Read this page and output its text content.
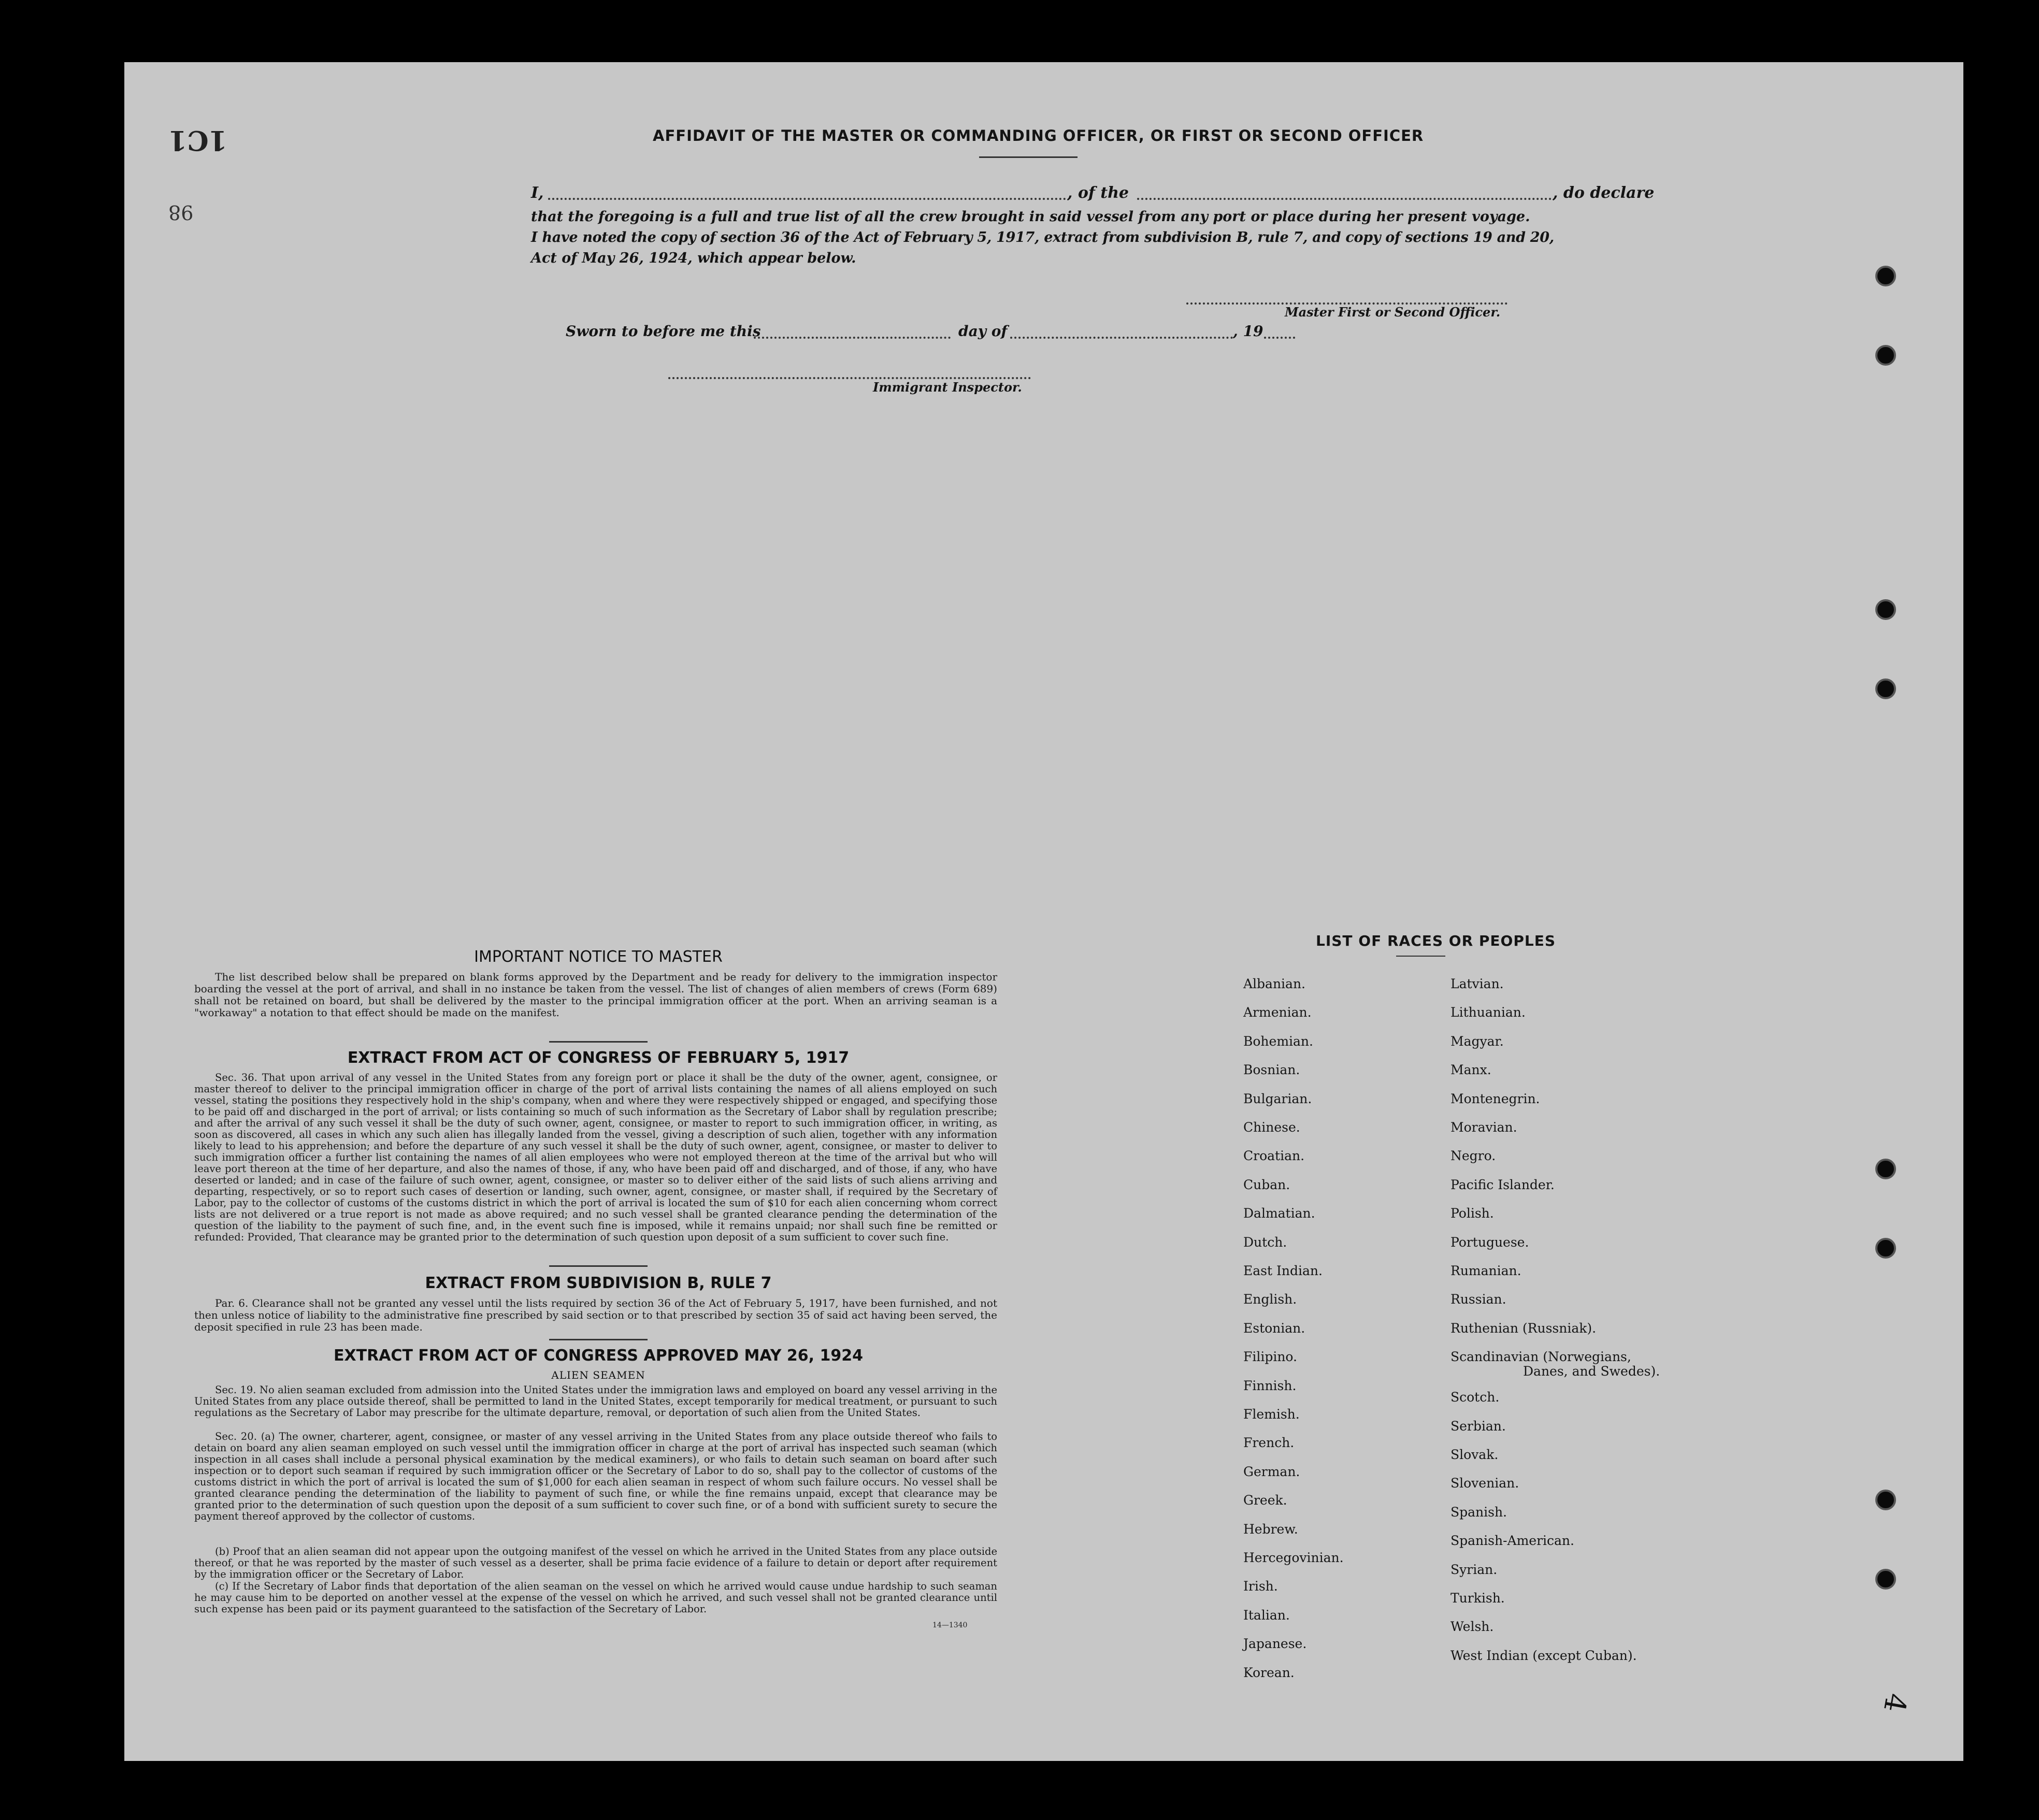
1C1
98
AFFIDAVIT OF THE MASTER OR COMMANDING OFFICER, OR FIRST OR SECOND OFFICER
I,	, of the	, do declare
that the foregoing is a full and true list of all the crew brought in said vessel from any port or place during her present voyage.
I have noted the copy of section 36 of the Act of February 5, 1917, extract from subdivision B, rule 7, and copy of sections 19 and 20,
Act of May 26, 1924, which appear below.
Master First or Second Officer.
Sworn to before me this	day of	, 19
Immigrant Inspector.
IMPORTANT NOTICE TO MASTER
The list described below shall be prepared on blank forms approved by the Department and be ready for delivery to the immigration inspector boarding the vessel at the port of arrival, and shall in no instance be taken from the vessel. The list of changes of alien members of crews (Form 689) shall not be retained on board, but shall be delivered by the master to the principal immigration officer at the port. When an arriving seaman is a "workaway" a notation to that effect should be made on the manifest.
EXTRACT FROM ACT OF CONGRESS OF FEBRUARY 5, 1917
Sec. 36. That upon arrival of any vessel in the United States from any foreign port or place it shall be the duty of the owner, agent, consignee, or master thereof to deliver to the principal immigration officer in charge of the port of arrival lists containing the names of all aliens employed on such vessel, stating the positions they respectively hold in the ship's company, when and where they were respectively shipped or engaged, and specifying those to be paid off and discharged in the port of arrival; or lists containing so much of such information as the Secretary of Labor shall by regulation prescribe; and after the arrival of any such vessel it shall be the duty of such owner, agent, consignee, or master to report to such immigration officer, in writing, as soon as discovered, all cases in which any such alien has illegally landed from the vessel, giving a description of such alien, together with any information likely to lead to his apprehension; and before the departure of any such vessel it shall be the duty of such owner, agent, consignee, or master to deliver to such immigration officer a further list containing the names of all alien employees who were not employed thereon at the time of the arrival but who will leave port thereon at the time of her departure, and also the names of those, if any, who have been paid off and discharged, and of those, if any, who have deserted or landed; and in case of the failure of such owner, agent, consignee, or master so to deliver either of the said lists of such aliens arriving and departing, respectively, or so to report such cases of desertion or landing, such owner, agent, consignee, or master shall, if required by the Secretary of Labor, pay to the collector of customs of the customs district in which the port of arrival is located the sum of $10 for each alien concerning whom correct lists are not delivered or a true report is not made as above required; and no such vessel shall be granted clearance pending the determination of the question of the liability to the payment of such fine, and, in the event such fine is imposed, while it remains unpaid; nor shall such fine be remitted or refunded: Provided, That clearance may be granted prior to the determination of such question upon deposit of a sum sufficient to cover such fine.
EXTRACT FROM SUBDIVISION B, RULE 7
Par. 6. Clearance shall not be granted any vessel until the lists required by section 36 of the Act of February 5, 1917, have been furnished, and not then unless notice of liability to the administrative fine prescribed by said section or to that prescribed by section 35 of said act having been served, the deposit specified in rule 23 has been made.
EXTRACT FROM ACT OF CONGRESS APPROVED MAY 26, 1924
ALIEN SEAMEN
Sec. 19. No alien seaman excluded from admission into the United States under the immigration laws and employed on board any vessel arriving in the United States from any place outside thereof, shall be permitted to land in the United States, except temporarily for medical treatment, or pursuant to such regulations as the Secretary of Labor may prescribe for the ultimate departure, removal, or deportation of such alien from the United States.
Sec. 20. (a) The owner, charterer, agent, consignee, or master of any vessel arriving in the United States from any place outside thereof who fails to detain on board any alien seaman employed on such vessel until the immigration officer in charge at the port of arrival has inspected such seaman (which inspection in all cases shall include a personal physical examination by the medical examiners), or who fails to detain such seaman on board after such inspection or to deport such seaman if required by such immigration officer or the Secretary of Labor to do so, shall pay to the collector of customs of the customs district in which the port of arrival is located the sum of $1,000 for each alien seaman in respect of whom such failure occurs. No vessel shall be granted clearance pending the determination of the liability to payment of such fine, or while the fine remains unpaid, except that clearance may be granted prior to the determination of such question upon the deposit of a sum sufficient to cover such fine, or of a bond with sufficient surety to secure the payment thereof approved by the collector of customs.
(b) Proof that an alien seaman did not appear upon the outgoing manifest of the vessel on which he arrived in the United States from any place outside thereof, or that he was reported by the master of such vessel as a deserter, shall be prima facie evidence of a failure to detain or deport after requirement by the immigration officer or the Secretary of Labor.
(c) If the Secretary of Labor finds that deportation of the alien seaman on the vessel on which he arrived would cause undue hardship to such seaman he may cause him to be deported on another vessel at the expense of the vessel on which he arrived, and such vessel shall not be granted clearance until such expense has been paid or its payment guaranteed to the satisfaction of the Secretary of Labor.
14—1340
LIST OF RACES OR PEOPLES
4
Albanian.
Armenian.
Bohemian.
Bosnian.
Bulgarian.
Chinese.
Croatian.
Cuban.
Dalmatian.
Dutch.
East Indian.
English.
Estonian.
Filipino.
Finnish.
Flemish.
French.
German.
Greek.
Hebrew.
Hercegovinian.
Irish.
Italian.
Japanese.
Korean.
Latvian.
Lithuanian.
Magyar.
Manx.
Montenegrin.
Moravian.
Negro.
Pacific Islander.
Polish.
Portuguese.
Rumanian.
Russian.
Ruthenian (Russniak).
Scandinavian (Norwegians,
Danes, and Swedes).
Scotch.
Serbian.
Slovak.
Slovenian.
Spanish.
Spanish-American.
Syrian.
Turkish.
Welsh.
West Indian (except Cuban).
